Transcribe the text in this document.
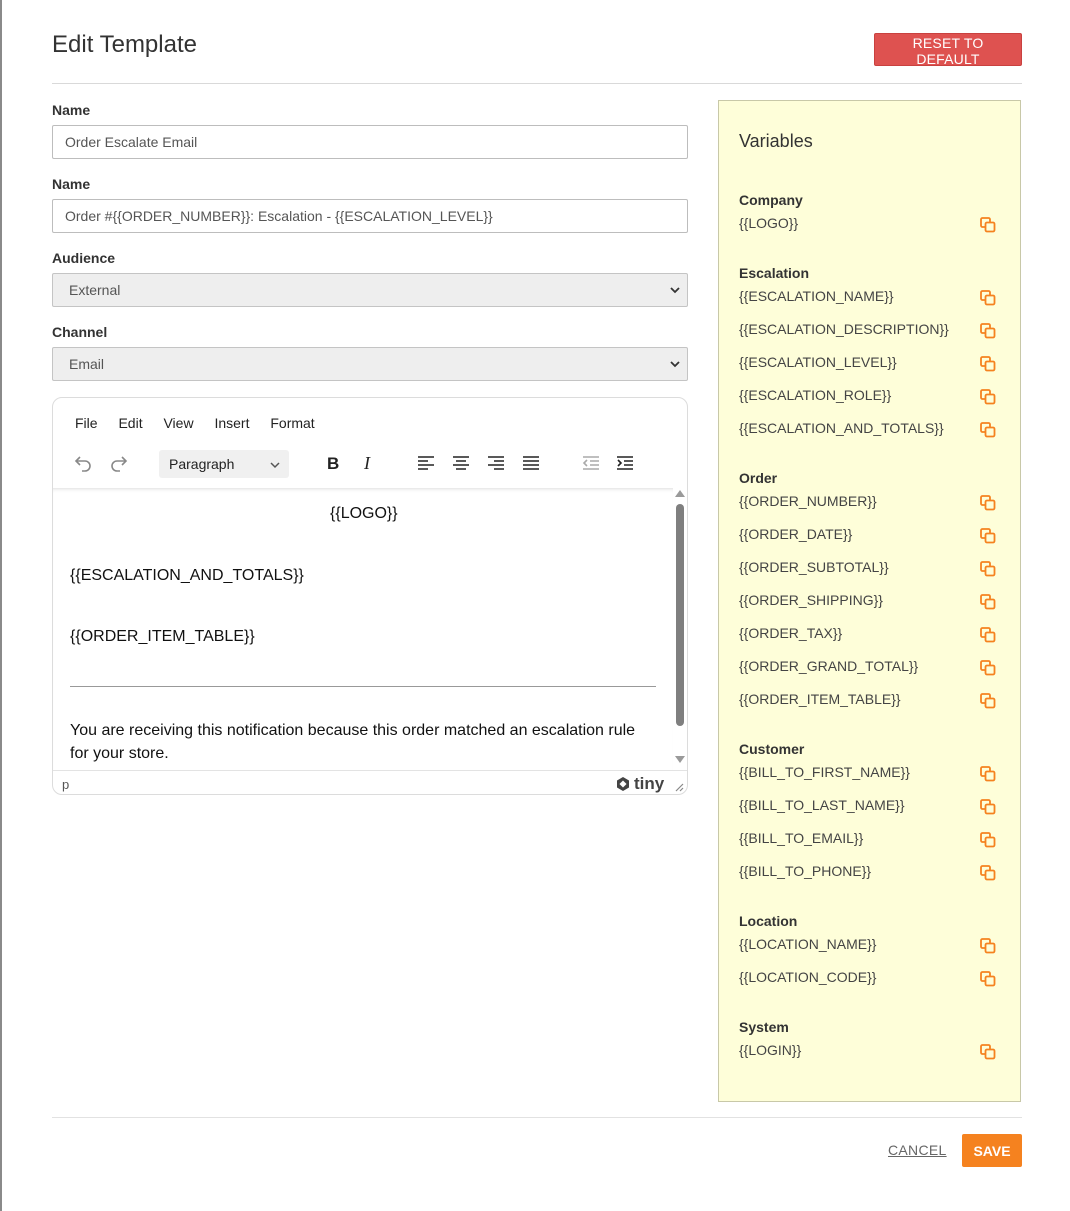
Edit Template	RESET TO DEFAULT
Name
Order Escalate Email
Name
Order #{{ORDER_NUMBER}}: Escalation - {{ESCALATION_LEVEL}}
Audience
External
Channel
Email
File Edit View Insert Format
Paragraph	B I

{{LOGO}}

{{ESCALATION_AND_TOTALS}}

{{ORDER_ITEM_TABLE}}

You are receiving this notification because this order matched an escalation rule for your store.

p	tiny
Variables
Company
{{LOGO}}
Escalation
{{ESCALATION_NAME}}
{{ESCALATION_DESCRIPTION}}
{{ESCALATION_LEVEL}}
{{ESCALATION_ROLE}}
{{ESCALATION_AND_TOTALS}}
Order
{{ORDER_NUMBER}}
{{ORDER_DATE}}
{{ORDER_SUBTOTAL}}
{{ORDER_SHIPPING}}
{{ORDER_TAX}}
{{ORDER_GRAND_TOTAL}}
{{ORDER_ITEM_TABLE}}
Customer
{{BILL_TO_FIRST_NAME}}
{{BILL_TO_LAST_NAME}}
{{BILL_TO_EMAIL}}
{{BILL_TO_PHONE}}
Location
{{LOCATION_NAME}}
{{LOCATION_CODE}}
System
{{LOGIN}}
CANCEL	SAVE
